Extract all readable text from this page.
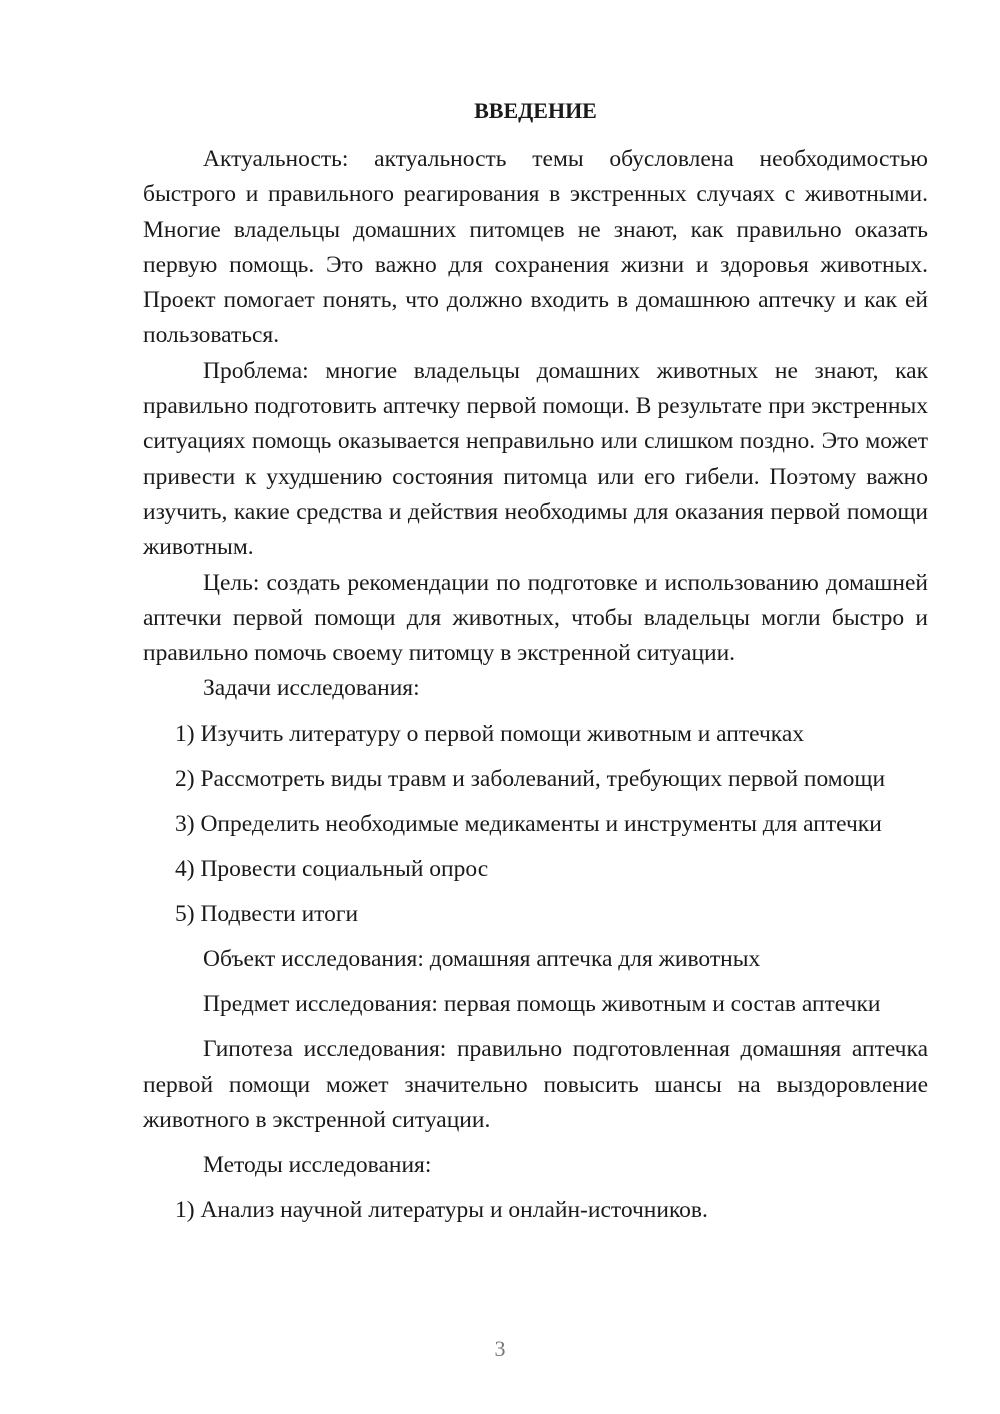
ВВЕДЕНИЕ

Актуальность: актуальность темы обусловлена необходимостью быстрого и правильного реагирования в экстренных случаях с животными. Многие владельцы домашних питомцев не знают, как правильно оказать первую помощь. Это важно для сохранения жизни и здоровья животных. Проект помогает понять, что должно входить в домашнюю аптечку и как ей пользоваться.

Проблема: многие владельцы домашних животных не знают, как правильно подготовить аптечку первой помощи. В результате при экстренных ситуациях помощь оказывается неправильно или слишком поздно. Это может привести к ухудшению состояния питомца или его гибели. Поэтому важно изучить, какие средства и действия необходимы для оказания первой помощи животным.

Цель: создать рекомендации по подготовке и использованию домашней аптечки первой помощи для животных, чтобы владельцы могли быстро и правильно помочь своему питомцу в экстренной ситуации.

Задачи исследования:

1) Изучить литературу о первой помощи животным и аптечках

2) Рассмотреть виды травм и заболеваний, требующих первой помощи

3) Определить необходимые медикаменты и инструменты для аптечки

4) Провести социальный опрос

5) Подвести итоги

Объект исследования: домашняя аптечка для животных

Предмет исследования: первая помощь животным и состав аптечки

Гипотеза исследования: правильно подготовленная домашняя аптечка первой помощи может значительно повысить шансы на выздоровление животного в экстренной ситуации.

Методы исследования:

1) Анализ научной литературы и онлайн-источников.

3
